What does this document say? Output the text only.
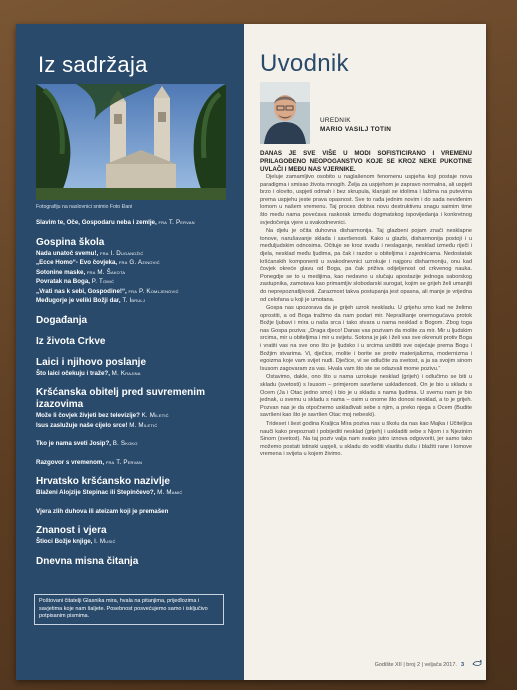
Iz sadržaja
Fotografiju na naslovnici snimio Foto Đani
Slavim te, Oče, Gospodaru neba i zemlje, fra T. Pervan
Gospina škola
Nada unatoč svemu!, fra I. Dugandžić
„Ecce Homo“- Evo čovjeka, fra G. Azinović
Sotonine maske, fra M. Šakota
Povratak na Boga, P. Tomić
„Vrati nas k sebi, Gospodine!“, fra P. Komljenović
Međugorje je veliki Božji dar, T. Ibrulj
Događanja
Iz života Crkve
Laici i njihovo poslanje
Što laici očekuju i traže?, M. Krajina
Kršćanska obitelj pred suvremenim izazovima
Može li čovjek živjeti bez televizije? K. Miletić
Isus zaslužuje naše cijelo srce! M. Miletić
Tko je nama sveti Josip?, B. Skoko
Razgovor s vremenom, fra T. Pervan
Hrvatsko kršćansko nazivlje
Blaženi Alojzije Stepinac ili Stepinčevo?, M. Mamić
Vjera zlih duhova ili ateizam koji je premašen
Znanost i vjera
Štioci Božje knjige, I. Musić
Dnevna misna čitanja
Poštovani čitatelji Glasnika mira, hvala na pitanjima, prijedlozima i savjetima koje nam šaljete. Posebnost posvećujemo samo i isključivo potpisanim pismima.
Uvodnik
UREDNIK
MARIO VASILJ TOTIN
DANAS JE SVE VIŠE U MODI SOFISTICIRANO I VREMENU PRILAGOĐENO NEOPOGANSTVO KOJE SE KROZ NEKE PUKOTINE UVLAČI I MEĐU NAS VJERNIKE.

Djeluje zamamljivo osobito u naglašenom fenomenu uspjeha koji postaje nova paradigma i smisao života mnogih. Želja za uspjehom je zapravo normalna, ali uspjeti brzo i olovito, uspjeti odmah i bez skrupula, klanjati se idolima i lažima na putevima prema uspjehu jeste prava opasnost. Sve to rađa jednim novim i do sada neviđenim lomom u našem vremenu. Taj proces dobiva novu destruktivnu snagu saimim time što među nama povećava raskorak između dogmatskog ispovijedanja i konkretnog svjedočenja vjere u svakodnevnici.

Na djelu je očita duhovna disharmonija. Taj glazbeni pojam znači nesklapne tonove, narušavanje sklada i savršenosti. Kako u glazbi, disharmonija postoji i u međuljudskim odnosima. Očituje se kroz svađu i neslaganje, nesklad između riječi i djela, nesklad među ljudima, pa čak i razdor u obiteljima i zajednicama. Nedostatak kršćanskih komponenti u svakodnevnici uzrokuje i najgoru disharmoniju, onu kad čovjek okreće glavu od Boga, pa čak priživa odijeljenost od crkvenog nauka. Ponegdje se to u medijima, kao nedavno u slučaju apostazije jednoga saborskog zastupnika, zamotava kao primamljiv slobodarski surogat, kojim se grijeh želi umanjiti do neprepoznatljivosti. Zarazmost takva postupanja jest opasna, ali manje je vrijedna od celofana u koji je umotana.

Gospa nas upozorava da je grijeh uzrok neskladu. U grijehu smo kad ne želimo oprostiti, a od Boga tražimo da nam podari mir. Nepraštanje onemogućava protok Božje ljubavi i mira u naša srca i tako stvara u nama nesklad s Bogom. Zbog toga nas Gospa poziva: „Draga djeco! Danas vas pozivam da molite za mir. Mir u ljudskim srcima, mir u obiteljima i mir u svijetu. Sotona je jak i želi vas sve okrenuti protiv Boga i vratiti vas na sve ono što je ljudsko i u srcima uništiti sve osjećaje prema Bogu i Božjim stvarima. Vi, dječice, molite i borite se protiv materijalizma, modernizma i egoizma koje vam svijet nudi. Dječice, vi se odlučite za svetost, a ja sa svojim sinom Isusom zagovaram za vas. Hvala vam što ste se odazvali mome pozivu.“

Ostavimo, dakle, ono što u nama uzrokuje nesklad (grijeh) i odlučimo se biti u skladu (svetosti) s Isusom – primjerom savršene usklađenosti. On je bio u skladu s Ocem (Ja i Otac jedno smo) i bio je u skladu s nama ljudima. U svemu nam je bio jednak, u svemu u skladu s nama – osim u onome što donosi nesklad, a to je grijeh. Pozvan nas je da otpočnemo usklađivati sebe s njim, a preko njega s Ocem (Budite savršeni kao što je savršen Otac moj nebeski).

Trideset i šest godina Kraljica Mira poziva nas u školu da nas kao Majka i Učiteljica nauči kako prepoznati i pobijediti nesklad (grijeh) i uskladiti sebe s Njom i s Njezinim Sinom (svetost). Na taj poziv valja nam svako jutro iznova odgovoriti, jer samo tako možemo postati istinski uspjeli, u skladu do vođiti vlastitu dušu i blažiti rane i lomove vremena i svijeta u kojem živimo.

Godište XII | broj 2 | veljača 2017. 3
